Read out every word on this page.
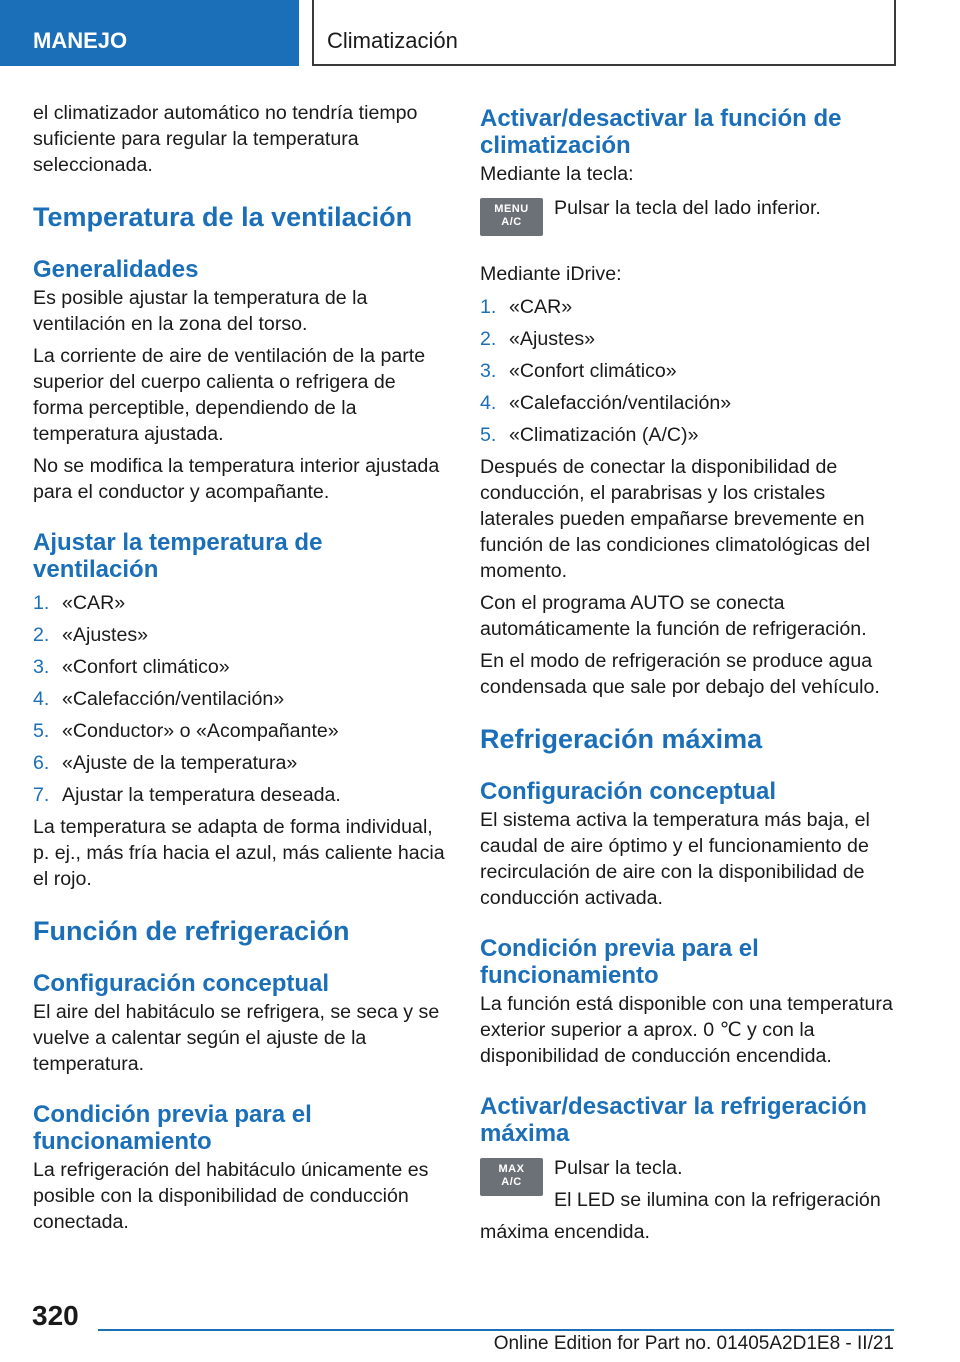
MANEJO	Climatización

el climatizador automático no tendría tiempo suficiente para regular la temperatura seleccionada.

Temperatura de la ventilación
Generalidades

Es posible ajustar la temperatura de la ventilación en la zona del torso.

La corriente de aire de ventilación de la parte superior del cuerpo calienta o refrigera de forma perceptible, dependiendo de la temperatura ajustada.

No se modifica la temperatura interior ajustada para el conductor y acompañante.

Ajustar la temperatura de ventilación
1. «CAR»
2. «Ajustes»
3. «Confort climático»
4. «Calefacción/ventilación»
5. «Conductor» o «Acompañante»
6. «Ajuste de la temperatura»
7. Ajustar la temperatura deseada.

La temperatura se adapta de forma individual, p. ej., más fría hacia el azul, más caliente hacia el rojo.

Función de refrigeración
Configuración conceptual

El aire del habitáculo se refrigera, se seca y se vuelve a calentar según el ajuste de la temperatura.

Condición previa para el funcionamiento

La refrigeración del habitáculo únicamente es posible con la disponibilidad de conducción conectada.

Activar/desactivar la función de climatización

Mediante la tecla:

MENU
A/C

Pulsar la tecla del lado inferior.

Mediante iDrive:

1. «CAR»
2. «Ajustes»
3. «Confort climático»
4. «Calefacción/ventilación»
5. «Climatización (A/C)»

Después de conectar la disponibilidad de conducción, el parabrisas y los cristales laterales pueden empañarse brevemente en función de las condiciones climatológicas del momento.

Con el programa AUTO se conecta automáticamente la función de refrigeración.

En el modo de refrigeración se produce agua condensada que sale por debajo del vehículo.

Refrigeración máxima
Configuración conceptual

El sistema activa la temperatura más baja, el caudal de aire óptimo y el funcionamiento de recirculación de aire con la disponibilidad de conducción activada.

Condición previa para el funcionamiento

La función está disponible con una temperatura exterior superior a aprox. 0 ℃ y con la disponibilidad de conducción encendida.

Activar/desactivar la refrigeración máxima
MAX
A/C

Pulsar la tecla.

El LED se ilumina con la refrigeración

máxima encendida.

320
Online Edition for Part no. 01405A2D1E8 - II/21
